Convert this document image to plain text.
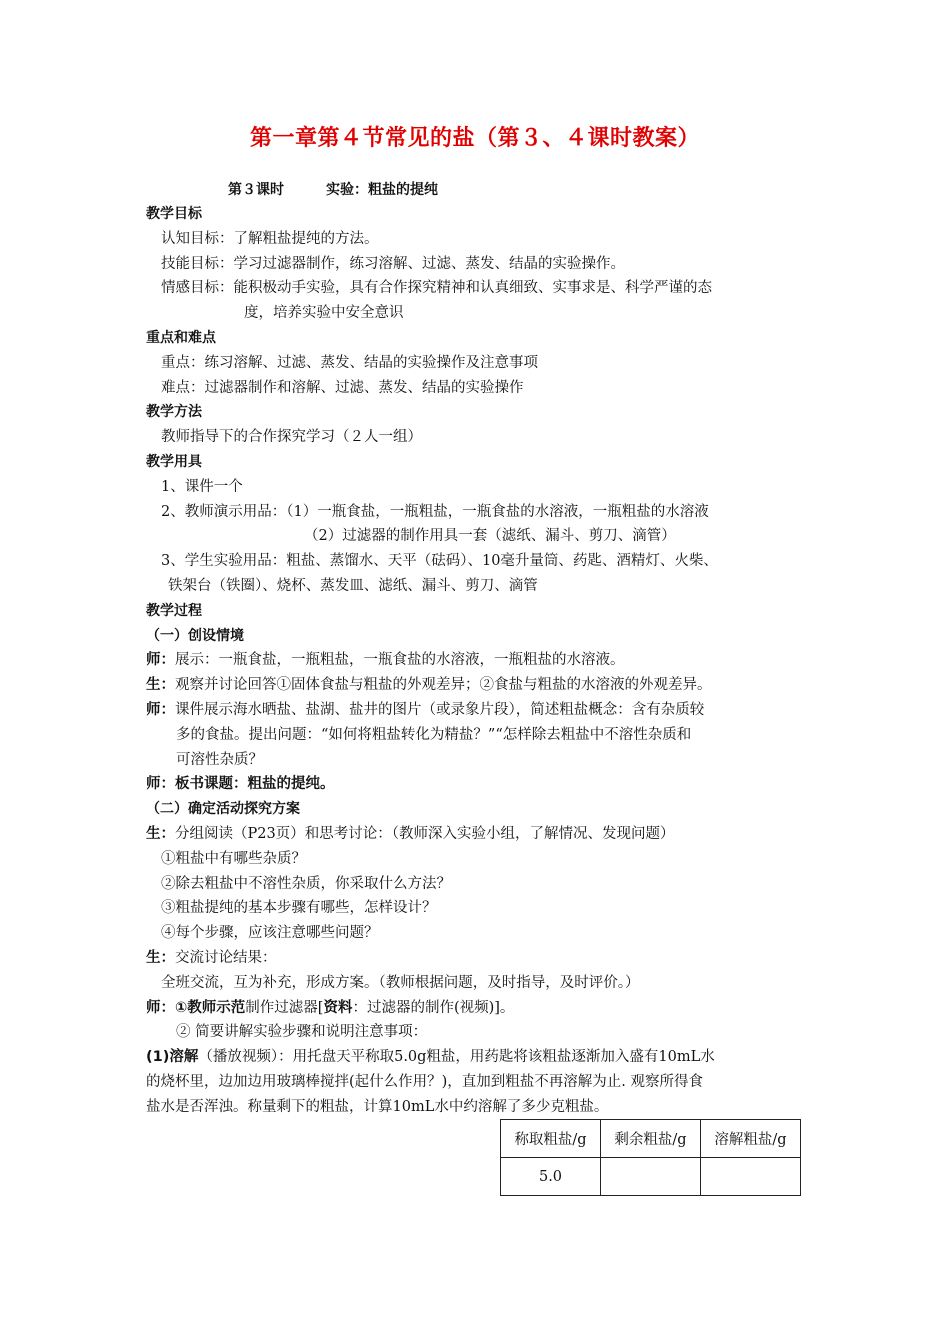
第一章第４节常见的盐（第３、４课时教案）
第３课时　　　实验：粗盐的提纯
教学目标
认知目标：了解粗盐提纯的方法。
技能目标：学习过滤器制作，练习溶解、过滤、蒸发、结晶的实验操作。
情感目标：能积极动手实验，具有合作探究精神和认真细致、实事求是、科学严谨的态
度，培养实验中安全意识
重点和难点
重点：练习溶解、过滤、蒸发、结晶的实验操作及注意事项
难点：过滤器制作和溶解、过滤、蒸发、结晶的实验操作
教学方法
教师指导下的合作探究学习（２人一组）
教学用具
1、课件一个
2、教师演示用品：（1）一瓶食盐，一瓶粗盐，一瓶食盐的水溶液，一瓶粗盐的水溶液
（2）过滤器的制作用具一套（滤纸、漏斗、剪刀、滴管）
3、学生实验用品：粗盐、蒸馏水、天平（砝码）、10毫升量筒、药匙、酒精灯、火柴、
铁架台（铁圈）、烧杯、蒸发皿、滤纸、漏斗、剪刀、滴管
教学过程
（一）创设情境
师：展示：一瓶食盐，一瓶粗盐，一瓶食盐的水溶液，一瓶粗盐的水溶液。
生：观察并讨论回答①固体食盐与粗盐的外观差异；②食盐与粗盐的水溶液的外观差异。
师：课件展示海水晒盐、盐湖、盐井的图片（或录象片段），简述粗盐概念：含有杂质较
多的食盐。提出问题：“如何将粗盐转化为精盐？”“怎样除去粗盐中不溶性杂质和
可溶性杂质？
师：板书课题：粗盐的提纯。
（二）确定活动探究方案
生：分组阅读（P23页）和思考讨论：（教师深入实验小组，了解情况、发现问题）
①粗盐中有哪些杂质？
②除去粗盐中不溶性杂质，你采取什么方法？
③粗盐提纯的基本步骤有哪些，怎样设计？
④每个步骤，应该注意哪些问题？
生：交流讨论结果：
全班交流，互为补充，形成方案。（教师根据问题，及时指导，及时评价。）
师：①教师示范制作过滤器[资料：过滤器的制作(视频)]。
② 简要讲解实验步骤和说明注意事项：
(1)溶解（播放视频）：用托盘天平称取5.0g粗盐，用药匙将该粗盐逐渐加入盛有10mL水
的烧杯里，边加边用玻璃棒搅拌(起什么作用？)，直加到粗盐不再溶解为止. 观察所得食
盐水是否浑浊。称量剩下的粗盐，计算10mL水中约溶解了多少克粗盐。
称取粗盐/g	剩余粗盐/g	溶解粗盐/g
5.0		
